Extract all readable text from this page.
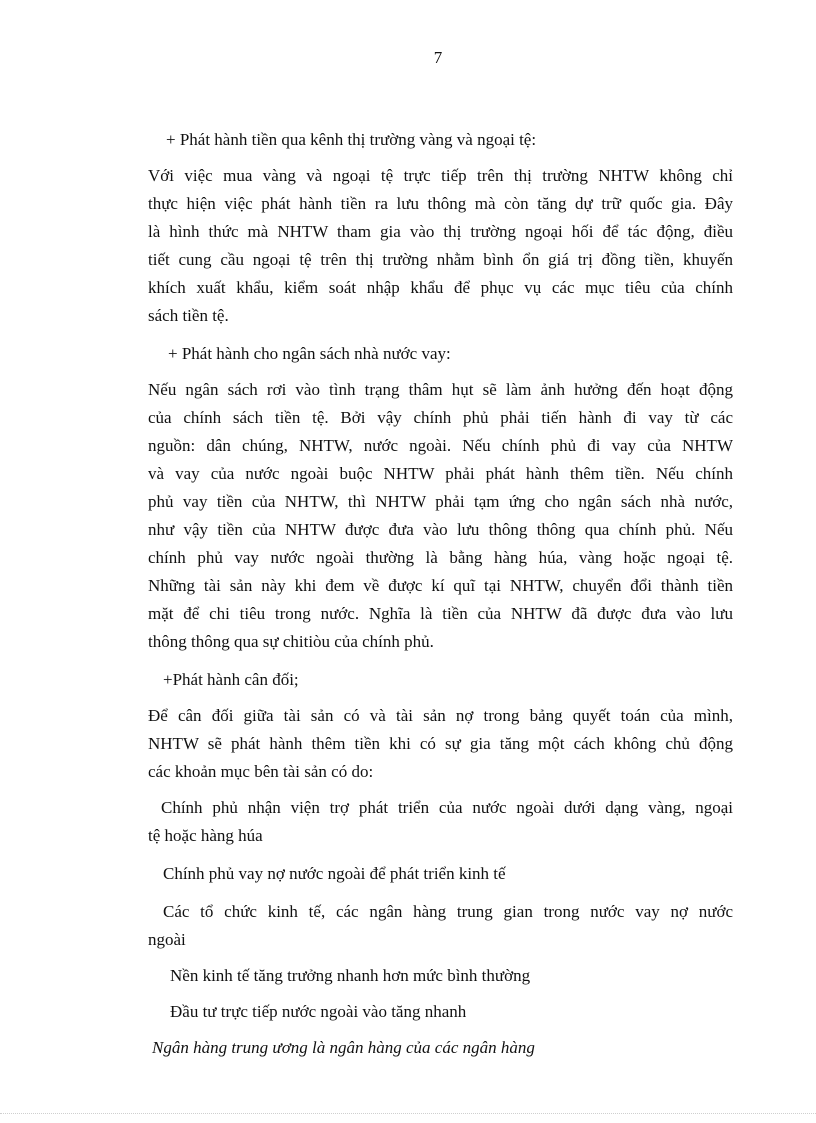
7

+ Phát hành tiền qua kênh thị trường vàng và ngoại tệ:

Với việc mua vàng và ngoại tệ trực tiếp trên thị trường NHTW không chỉ

thực hiện việc phát hành tiền ra lưu thông mà còn tăng dự trữ quốc gia. Đây

là hình thức mà NHTW tham gia vào thị trường ngoại hối để tác động, điều

tiết cung cầu ngoại tệ trên thị trường nhằm bình ổn giá trị đồng tiền, khuyến

khích xuất khẩu, kiểm soát nhập khẩu để phục vụ các mục tiêu của chính

sách tiền tệ.

+ Phát hành cho ngân sách nhà nước vay:

Nếu ngân sách rơi vào tình trạng thâm hụt sẽ làm ảnh hưởng đến hoạt động

của chính sách tiền tệ. Bởi vậy chính phủ phải tiến hành đi vay từ các

nguồn: dân chúng, NHTW, nước ngoài. Nếu chính phủ đi vay của NHTW

và vay của nước ngoài buộc NHTW phải phát hành thêm tiền. Nếu chính

phủ vay tiền của NHTW, thì NHTW phải tạm ứng cho ngân sách nhà nước,

như vậy tiền của NHTW được đưa vào lưu thông thông qua chính phủ. Nếu

chính phủ vay nước ngoài thường là bằng hàng húa, vàng hoặc ngoại tệ.

Những tài sản này khi đem về được kí quĩ tại NHTW, chuyển đổi thành tiền

mặt để chi tiêu trong nước. Nghĩa là tiền của NHTW đã được đưa vào lưu

thông thông qua sự chitiòu của chính phủ.

+Phát hành cân đối;

Để cân đối giữa tài sản có và tài sản nợ trong bảng quyết toán của mình,

NHTW sẽ phát hành thêm tiền khi có sự gia tăng một cách không chủ động

các khoản mục bên tài sản có do:

Chính phủ nhận viện trợ phát triển của nước ngoài dưới dạng vàng, ngoại

tệ hoặc hàng húa

Chính phủ vay nợ nước ngoài để phát triển kinh tế

Các tổ chức kinh tế, các ngân hàng trung gian trong nước vay nợ nước

ngoài

Nền kinh tế tăng trưởng nhanh hơn mức bình thường

Đầu tư trực tiếp nước ngoài vào tăng nhanh

Ngân hàng trung ương là ngân hàng của các ngân hàng
